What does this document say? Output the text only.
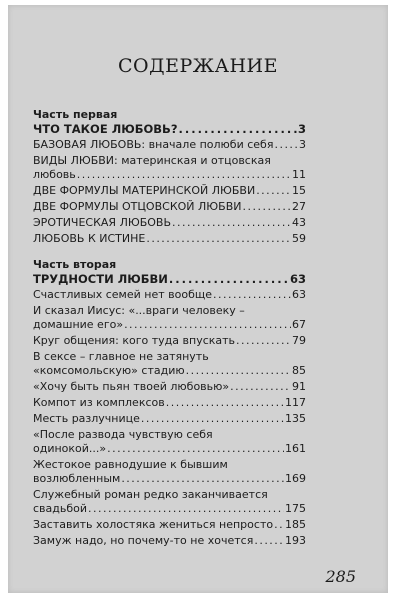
СОДЕРЖАНИЕ
Часть первая
ЧТО ТАКОЕ ЛЮБОВЬ? . . .	3
БАЗОВАЯ ЛЮБОВЬ: вначале полюби себя . . . 3
ВИДЫ ЛЮБВИ: материнская и отцовская
любовь . . .	11
ДВЕ ФОРМУЛЫ МАТЕРИНСКОЙ ЛЮБВИ . . .	15
ДВЕ ФОРМУЛЫ ОТЦОВСКОЙ ЛЮБВИ . . .	27
ЭРОТИЧЕСКАЯ ЛЮБОВЬ . . .	43
ЛЮБОВЬ К ИСТИНЕ . . .	59
Часть вторая
ТРУДНОСТИ ЛЮБВИ . . .	63
Счастливых семей нет вообще . . .	63
И сказал Иисус: «...враги человеку –
домашние его» . . .	67
Круг общения: кого туда впускать . . .	79
В сексе – главное не затянуть
«комсомольскую» стадию . . .	85
«Хочу быть пьян твоей любовью» . . .	91
Компот из комплексов . . .	117
Месть разлучнице . . .	135
«После развода чувствую себя
одинокой...» . . .	161
Жестокое равнодушие к бывшим
возлюбленным . . .	169
Служебный роман редко заканчивается
свадьбой . . .	175
Заставить холостяка жениться непросто . . . 185
Замуж надо, но почему-то не хочется . . .	193
285
